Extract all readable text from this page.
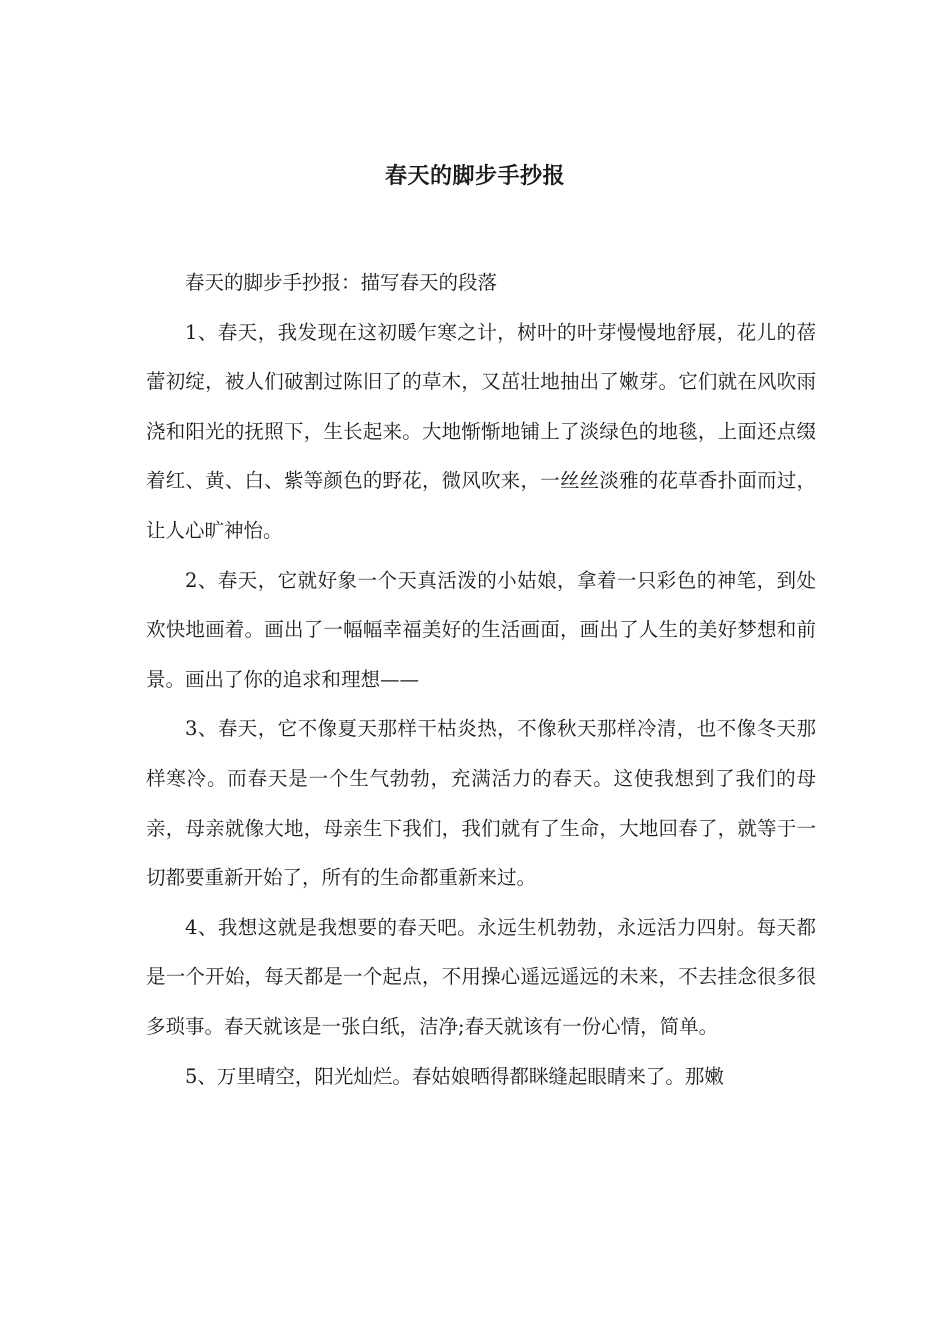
春天的脚步手抄报

春天的脚步手抄报：描写春天的段落

1、春天，我发现在这初暖乍寒之计，树叶的叶芽慢慢地舒展，花儿的蓓蕾初绽，被人们破割过陈旧了的草木，又茁壮地抽出了嫩芽。它们就在风吹雨浇和阳光的抚照下，生长起来。大地惭惭地铺上了淡绿色的地毯，上面还点缀着红、黄、白、紫等颜色的野花，微风吹来，一丝丝淡雅的花草香扑面而过，让人心旷神怡。

2、春天，它就好象一个天真活泼的小姑娘，拿着一只彩色的神笔，到处欢快地画着。画出了一幅幅幸福美好的生活画面，画出了人生的美好梦想和前景。画出了你的追求和理想——

3、春天，它不像夏天那样干枯炎热，不像秋天那样冷清，也不像冬天那样寒冷。而春天是一个生气勃勃，充满活力的春天。这使我想到了我们的母亲，母亲就像大地，母亲生下我们，我们就有了生命，大地回春了，就等于一切都要重新开始了，所有的生命都重新来过。

4、我想这就是我想要的春天吧。永远生机勃勃，永远活力四射。每天都是一个开始，每天都是一个起点，不用操心遥远遥远的未来，不去挂念很多很多琐事。春天就该是一张白纸，洁净;春天就该有一份心情，简单。

5、万里晴空，阳光灿烂。春姑娘晒得都眯缝起眼睛来了。那嫩
